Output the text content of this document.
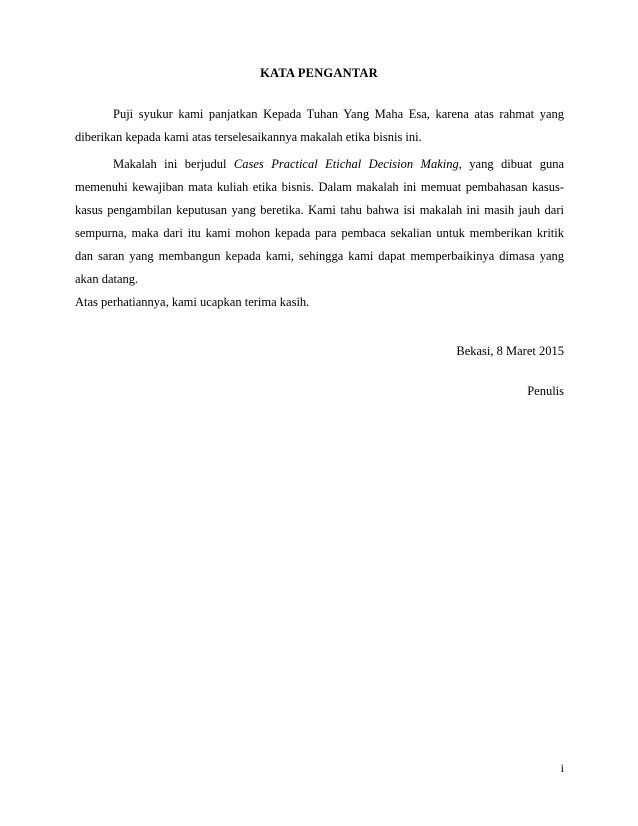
KATA PENGANTAR

Puji syukur kami panjatkan Kepada Tuhan Yang Maha Esa, karena atas rahmat yang diberikan kepada kami atas terselesaikannya makalah etika bisnis ini.

Makalah ini berjudul Cases Practical Etichal Decision Making, yang dibuat guna memenuhi kewajiban mata kuliah etika bisnis. Dalam makalah ini memuat pembahasan kasus-kasus pengambilan keputusan yang beretika. Kami tahu bahwa isi makalah ini masih jauh dari sempurna, maka dari itu kami mohon kepada para pembaca sekalian untuk memberikan kritik dan saran yang membangun kepada kami, sehingga kami dapat memperbaikinya dimasa yang akan datang.

Atas perhatiannya, kami ucapkan terima kasih.

Bekasi, 8 Maret 2015
Penulis
i
